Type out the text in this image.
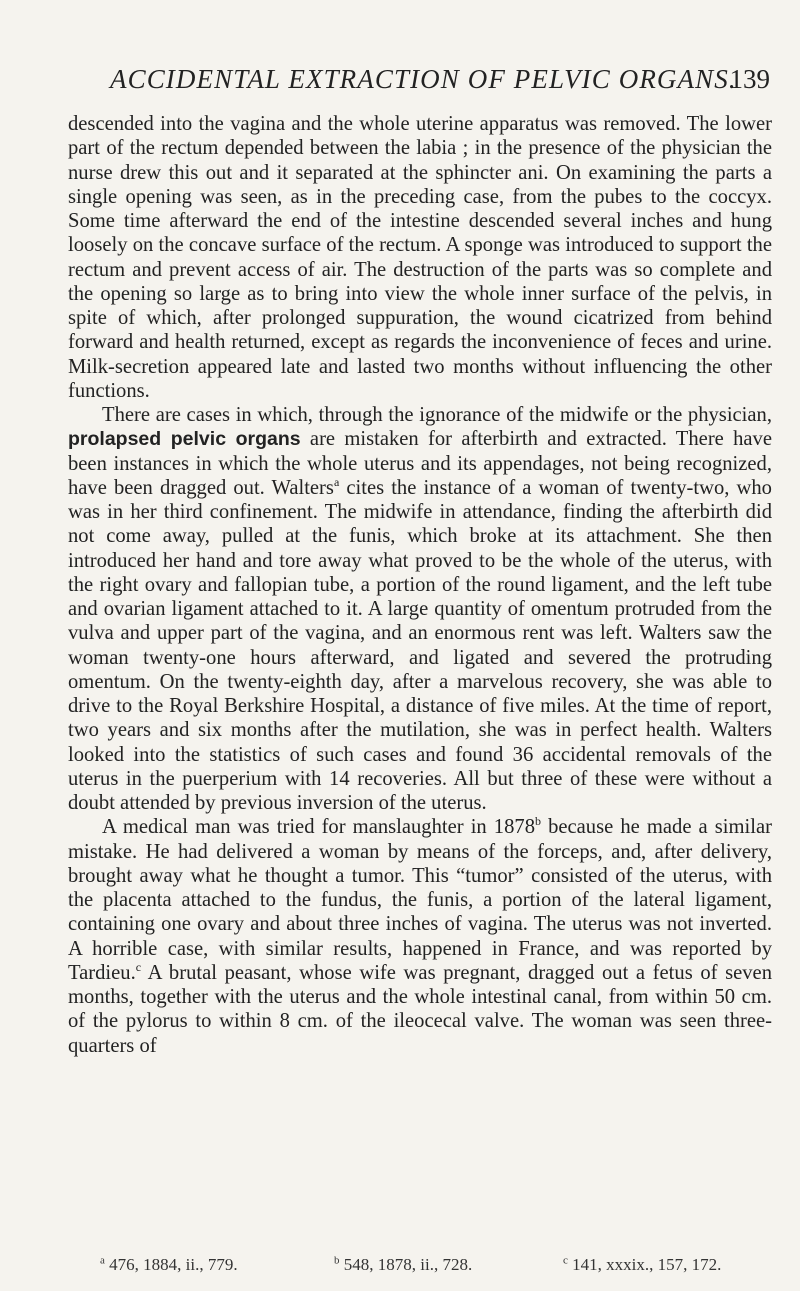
ACCIDENTAL EXTRACTION OF PELVIC ORGANS.
139

descended into the vagina and the whole uterine apparatus was removed. The lower part of the rectum depended between the labia ; in the presence of the physician the nurse drew this out and it separated at the sphincter ani. On examining the parts a single opening was seen, as in the preceding case, from the pubes to the coccyx. Some time afterward the end of the intestine descended several inches and hung loosely on the concave surface of the rectum. A sponge was introduced to support the rectum and prevent access of air. The destruction of the parts was so complete and the opening so large as to bring into view the whole inner surface of the pelvis, in spite of which, after prolonged suppuration, the wound cicatrized from behind forward and health returned, except as regards the inconvenience of feces and urine. Milk-secretion appeared late and lasted two months without influencing the other functions.

There are cases in which, through the ignorance of the midwife or the physician, prolapsed pelvic organs are mistaken for afterbirth and extracted. There have been instances in which the whole uterus and its appendages, not being recognized, have been dragged out. Walters$^a$ cites the instance of a woman of twenty-two, who was in her third confinement. The midwife in attendance, finding the afterbirth did not come away, pulled at the funis, which broke at its attachment. She then introduced her hand and tore away what proved to be the whole of the uterus, with the right ovary and fallopian tube, a portion of the round ligament, and the left tube and ovarian ligament attached to it. A large quantity of omentum protruded from the vulva and upper part of the vagina, and an enormous rent was left. Walters saw the woman twenty-one hours afterward, and ligated and severed the protruding omentum. On the twenty-eighth day, after a marvelous recovery, she was able to drive to the Royal Berkshire Hospital, a distance of five miles. At the time of report, two years and six months after the mutilation, she was in perfect health. Walters looked into the statistics of such cases and found 36 accidental removals of the uterus in the puerperium with 14 recoveries. All but three of these were without a doubt attended by previous inversion of the uterus.

A medical man was tried for manslaughter in 1878$^b$ because he made a similar mistake. He had delivered a woman by means of the forceps, and, after delivery, brought away what he thought a tumor. This “tumor” consisted of the uterus, with the placenta attached to the fundus, the funis, a portion of the lateral ligament, containing one ovary and about three inches of vagina. The uterus was not inverted. A horrible case, with similar results, happened in France, and was reported by Tardieu.$^c$ A brutal peasant, whose wife was pregnant, dragged out a fetus of seven months, together with the uterus and the whole intestinal canal, from within 50 cm. of the pylorus to within 8 cm. of the ileocecal valve. The woman was seen three-quarters of

$^a$ 476, 1884, ii., 779.	$^b$ 548, 1878, ii., 728.	$^c$ 141, xxxix., 157, 172.
